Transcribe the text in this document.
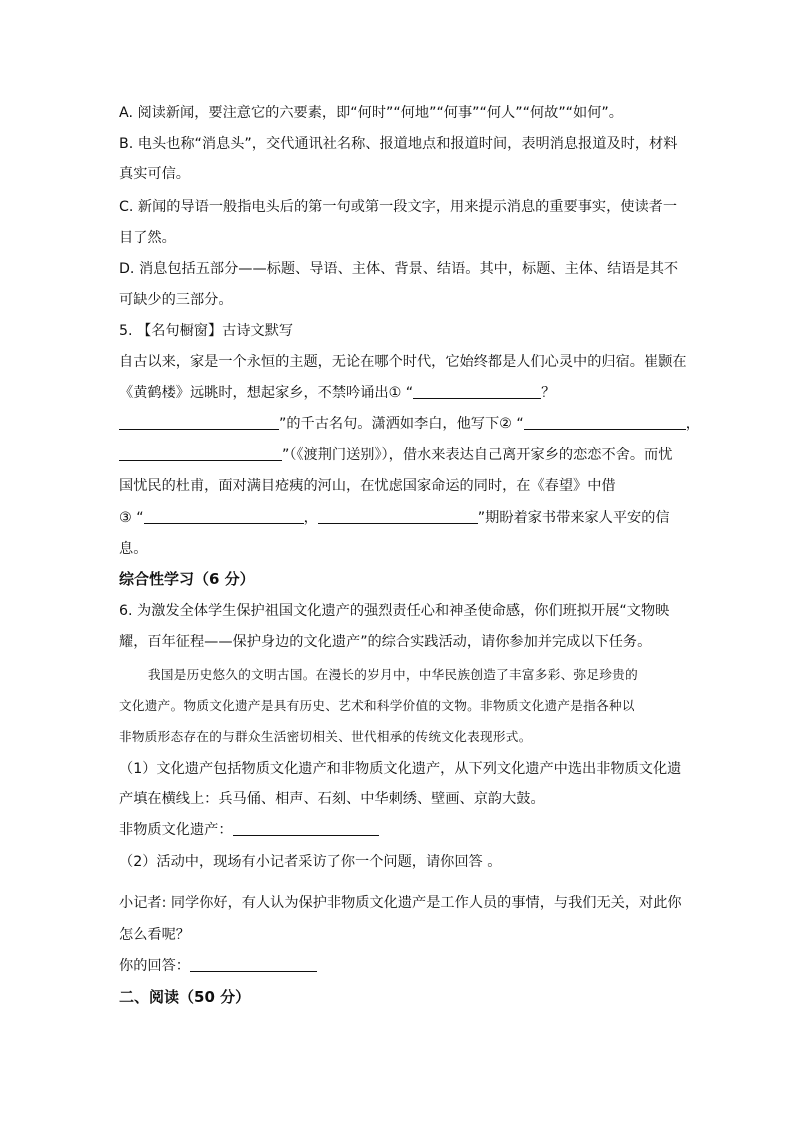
A. 阅读新闻，要注意它的六要素，即“何时”“何地”“何事”“何人”“何故”“如何”。
B. 电头也称“消息头”，交代通讯社名称、报道地点和报道时间，表明消息报道及时，材料
真实可信。
C. 新闻的导语一般指电头后的第一句或第一段文字，用来提示消息的重要事实，使读者一
目了然。
D. 消息包括五部分——标题、导语、主体、背景、结语。其中，标题、主体、结语是其不
可缺少的三部分。
5. 【名句橱窗】古诗文默写
自古以来，家是一个永恒的主题，无论在哪个时代，它始终都是人们心灵中的归宿。崔颢在
《黄鹤楼》远眺时，想起家乡，不禁吟诵出① “	？
”的千古名句。潇洒如李白，他写下② “	，
”（《渡荆门送别》），借水来表达自己离开家乡的恋恋不舍。而忧
国忧民的杜甫，面对满目疮痍的河山，在忧虑国家命运的同时，在《春望》中借
③ “	，	”期盼着家书带来家人平安的信
息。
综合性学习（6 分）
6. 为激发全体学生保护祖国文化遗产的强烈责任心和神圣使命感，你们班拟开展“文物映
耀，百年征程——保护身边的文化遗产”的综合实践活动，请你参加并完成以下任务。
我国是历史悠久的文明古国。在漫长的岁月中，中华民族创造了丰富多彩、弥足珍贵的
文化遗产。物质文化遗产是具有历史、艺术和科学价值的文物。非物质文化遗产是指各种以
非物质形态存在的与群众生活密切相关、世代相承的传统文化表现形式。
（1）文化遗产包括物质文化遗产和非物质文化遗产，从下列文化遗产中选出非物质文化遗
产填在横线上：兵马俑、相声、石刻、中华刺绣、壁画、京韵大鼓。
非物质文化遗产：
（2）活动中，现场有小记者采访了你一个问题，请你回答 。
小记者: 同学你好，有人认为保护非物质文化遗产是工作人员的事情，与我们无关，对此你
怎么看呢？
你的回答：
二、阅读（50 分）
